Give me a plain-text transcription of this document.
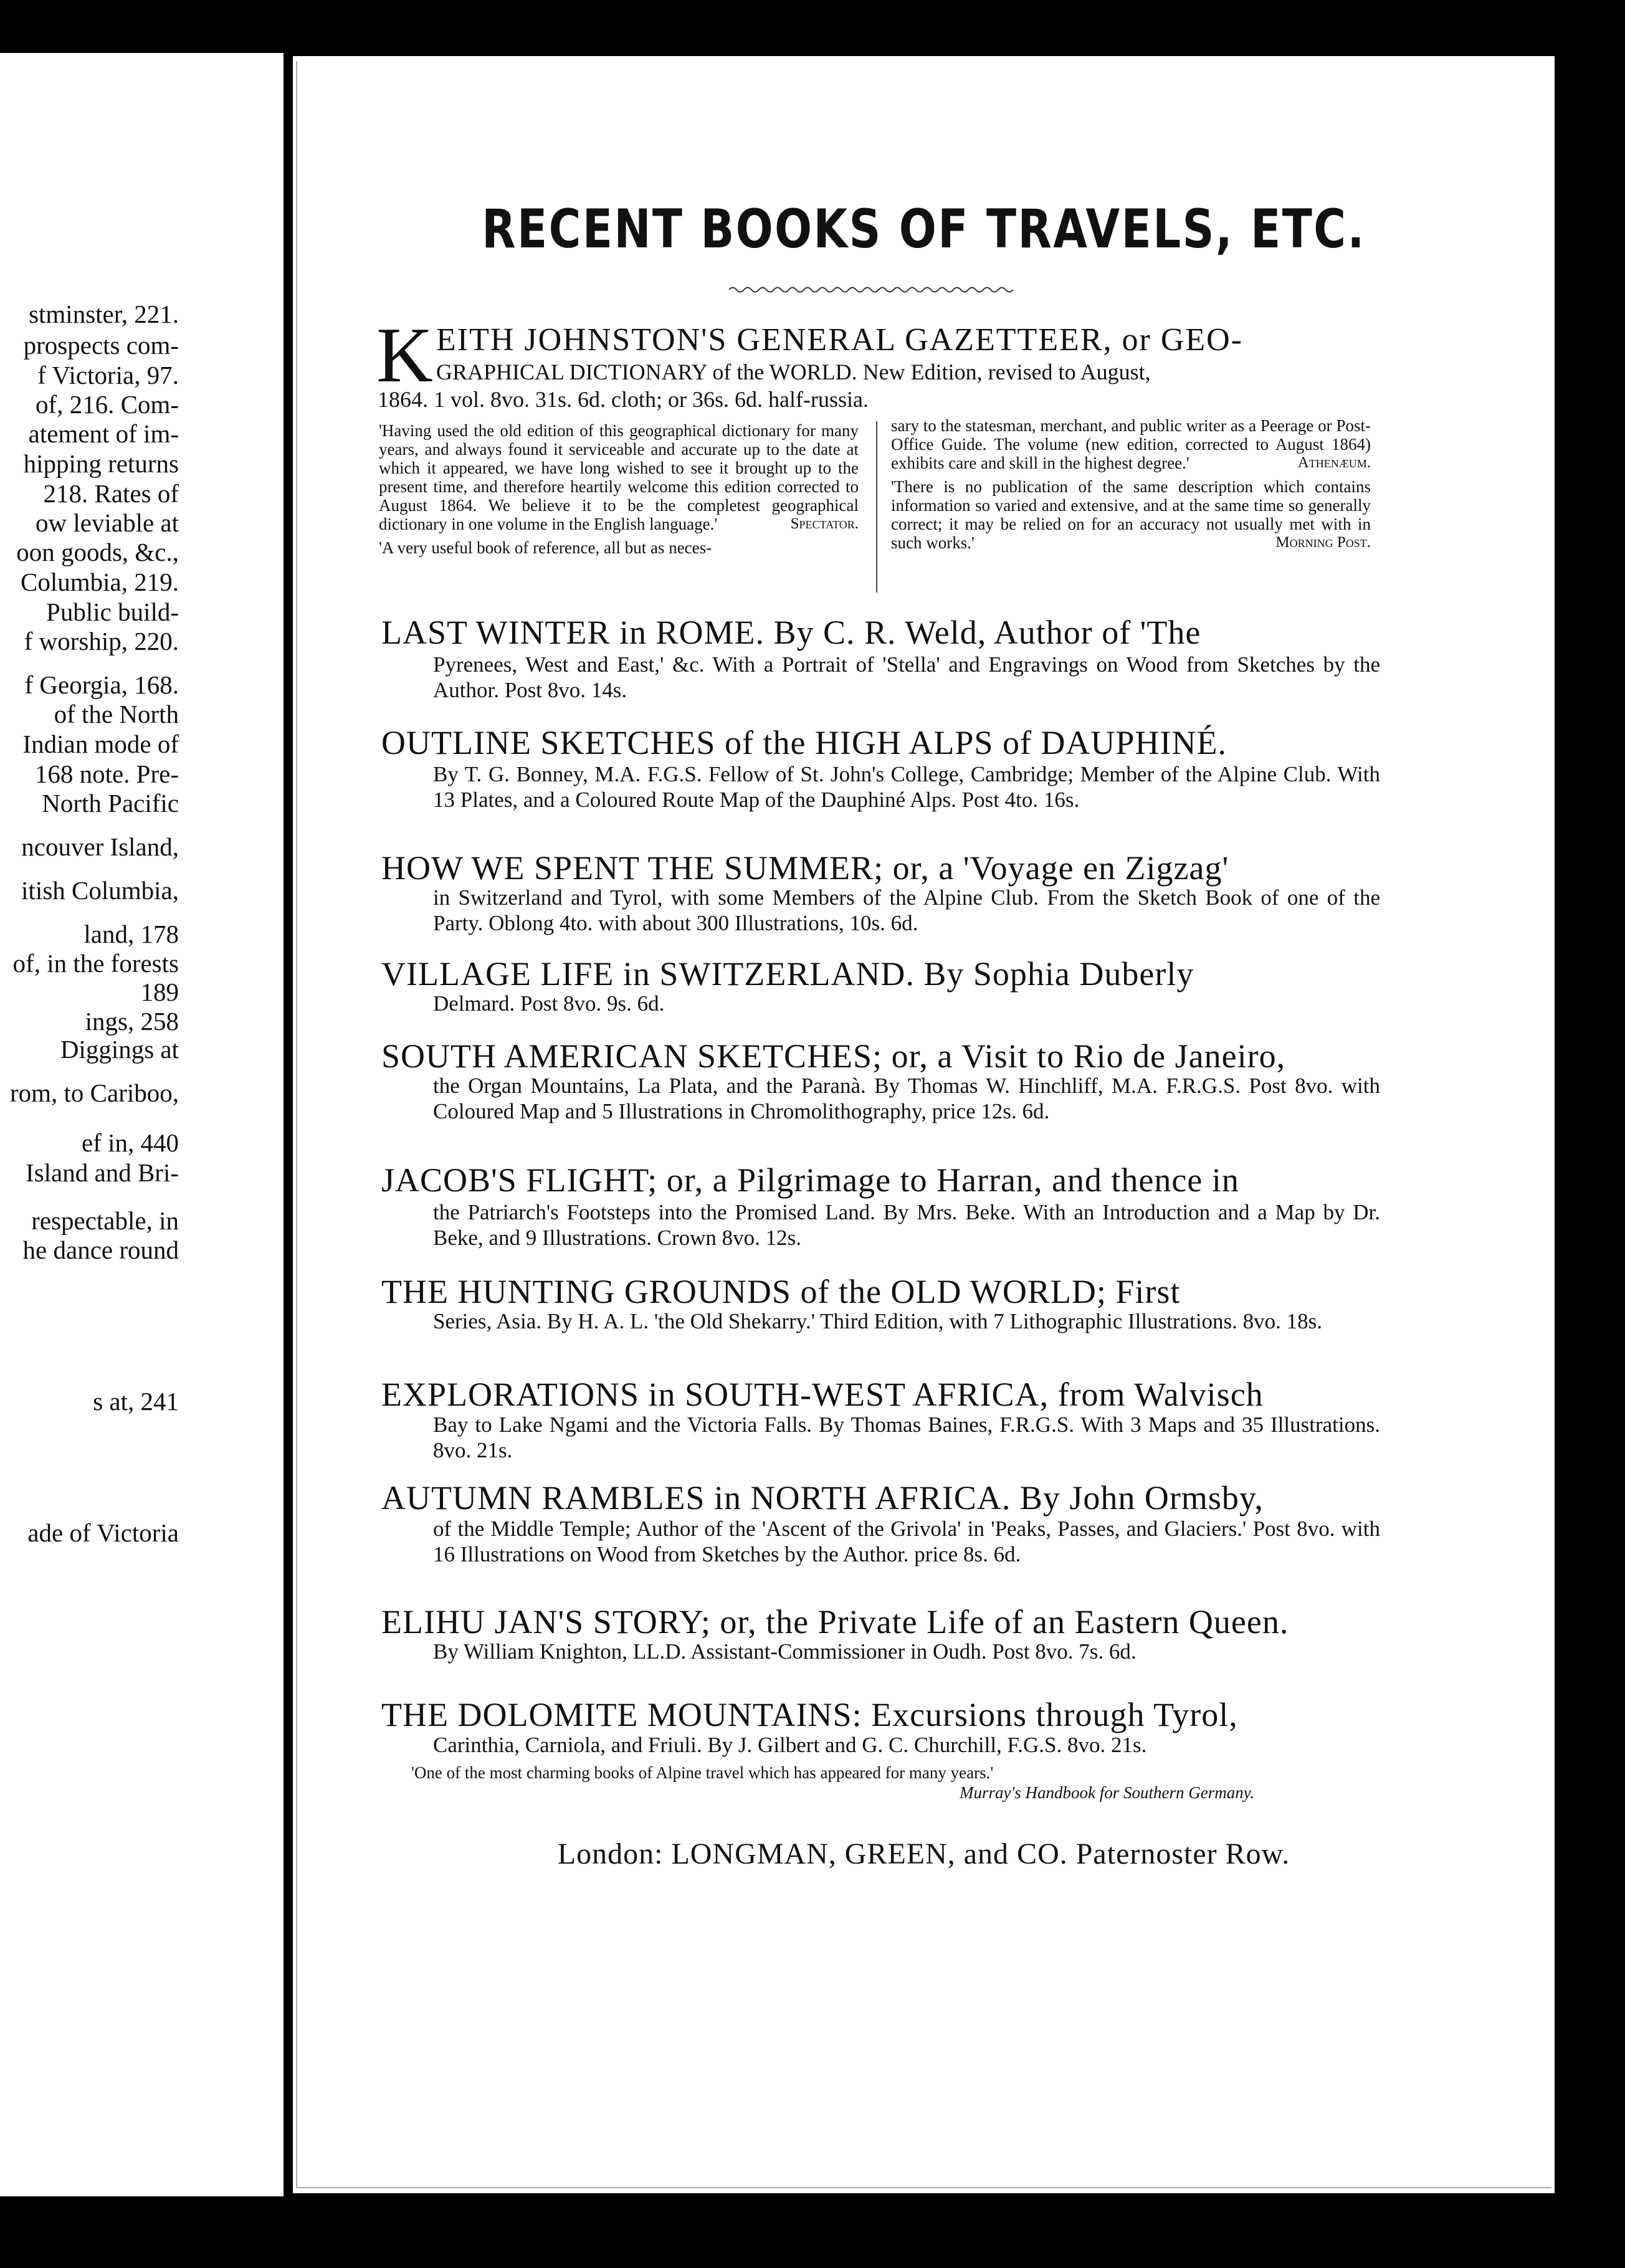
stminster, 221.
prospects com-
f Victoria, 97.
of, 216. Com-
atement of im-
hipping returns
218. Rates of
ow leviable at
oon goods, &c.,
Columbia, 219.
Public build-
f worship, 220.
f Georgia, 168.
of the North
Indian mode of
168 note. Pre-
North Pacific
ncouver Island,
itish Columbia,
land, 178
of, in the forests
189
ings, 258
Diggings at
rom, to Cariboo,
ef in, 440
Island and Bri-
respectable, in
he dance round
s at, 241
ade of Victoria
RECENT BOOKS OF TRAVELS, ETC.
K EITH JOHNSTON'S GENERAL GAZETTEER, or GEO-
GRAPHICAL DICTIONARY of the WORLD. New Edition, revised to August,
1864. 1 vol. 8vo. 31s. 6d. cloth; or 36s. 6d. half-russia.

'Having used the old edition of this geographical dictionary for many years, and always found it serviceable and accurate up to the date at which it appeared, we have long wished to see it brought up to the present time, and therefore heartily welcome this edition corrected to August 1864. We believe it to be the completest geographical dictionary in one volume in the English language.'	Spectator.

'A very useful book of reference, all but as neces-

sary to the statesman, merchant, and public writer as a Peerage or Post-Office Guide. The volume (new edition, corrected to August 1864) exhibits care and skill in the highest degree.'	Athenæum.

'There is no publication of the same description which contains information so varied and extensive, and at the same time so generally correct; it may be relied on for an accuracy not usually met with in such works.'	Morning Post.

LAST WINTER in ROME. By C. R. Weld, Author of 'The
Pyrenees, West and East,' &c. With a Portrait of 'Stella' and Engravings on Wood from Sketches by the Author. Post 8vo. 14s.
OUTLINE SKETCHES of the HIGH ALPS of DAUPHINÉ.
By T. G. Bonney, M.A. F.G.S. Fellow of St. John's College, Cambridge; Member of the Alpine Club. With 13 Plates, and a Coloured Route Map of the Dauphiné Alps. Post 4to. 16s.
HOW WE SPENT THE SUMMER; or, a 'Voyage en Zigzag'
in Switzerland and Tyrol, with some Members of the Alpine Club. From the Sketch Book of one of the Party. Oblong 4to. with about 300 Illustrations, 10s. 6d.
VILLAGE LIFE in SWITZERLAND. By Sophia Duberly
Delmard. Post 8vo. 9s. 6d.
SOUTH AMERICAN SKETCHES; or, a Visit to Rio de Janeiro,
the Organ Mountains, La Plata, and the Paranà. By Thomas W. Hinchliff, M.A. F.R.G.S. Post 8vo. with Coloured Map and 5 Illustrations in Chromolithography, price 12s. 6d.
JACOB'S FLIGHT; or, a Pilgrimage to Harran, and thence in
the Patriarch's Footsteps into the Promised Land. By Mrs. Beke. With an Introduction and a Map by Dr. Beke, and 9 Illustrations. Crown 8vo. 12s.
THE HUNTING GROUNDS of the OLD WORLD; First
Series, Asia. By H. A. L. 'the Old Shekarry.' Third Edition, with 7 Lithographic Illustrations. 8vo. 18s.
EXPLORATIONS in SOUTH-WEST AFRICA, from Walvisch
Bay to Lake Ngami and the Victoria Falls. By Thomas Baines, F.R.G.S. With 3 Maps and 35 Illustrations. 8vo. 21s.
AUTUMN RAMBLES in NORTH AFRICA. By John Ormsby,
of the Middle Temple; Author of the 'Ascent of the Grivola' in 'Peaks, Passes, and Glaciers.' Post 8vo. with 16 Illustrations on Wood from Sketches by the Author. price 8s. 6d.
ELIHU JAN'S STORY; or, the Private Life of an Eastern Queen.
By William Knighton, LL.D. Assistant-Commissioner in Oudh. Post 8vo. 7s. 6d.
THE DOLOMITE MOUNTAINS: Excursions through Tyrol,
Carinthia, Carniola, and Friuli. By J. Gilbert and G. C. Churchill, F.G.S. 8vo. 21s.
'One of the most charming books of Alpine travel which has appeared for many years.'
Murray's Handbook for Southern Germany.
London: LONGMAN, GREEN, and CO. Paternoster Row.
